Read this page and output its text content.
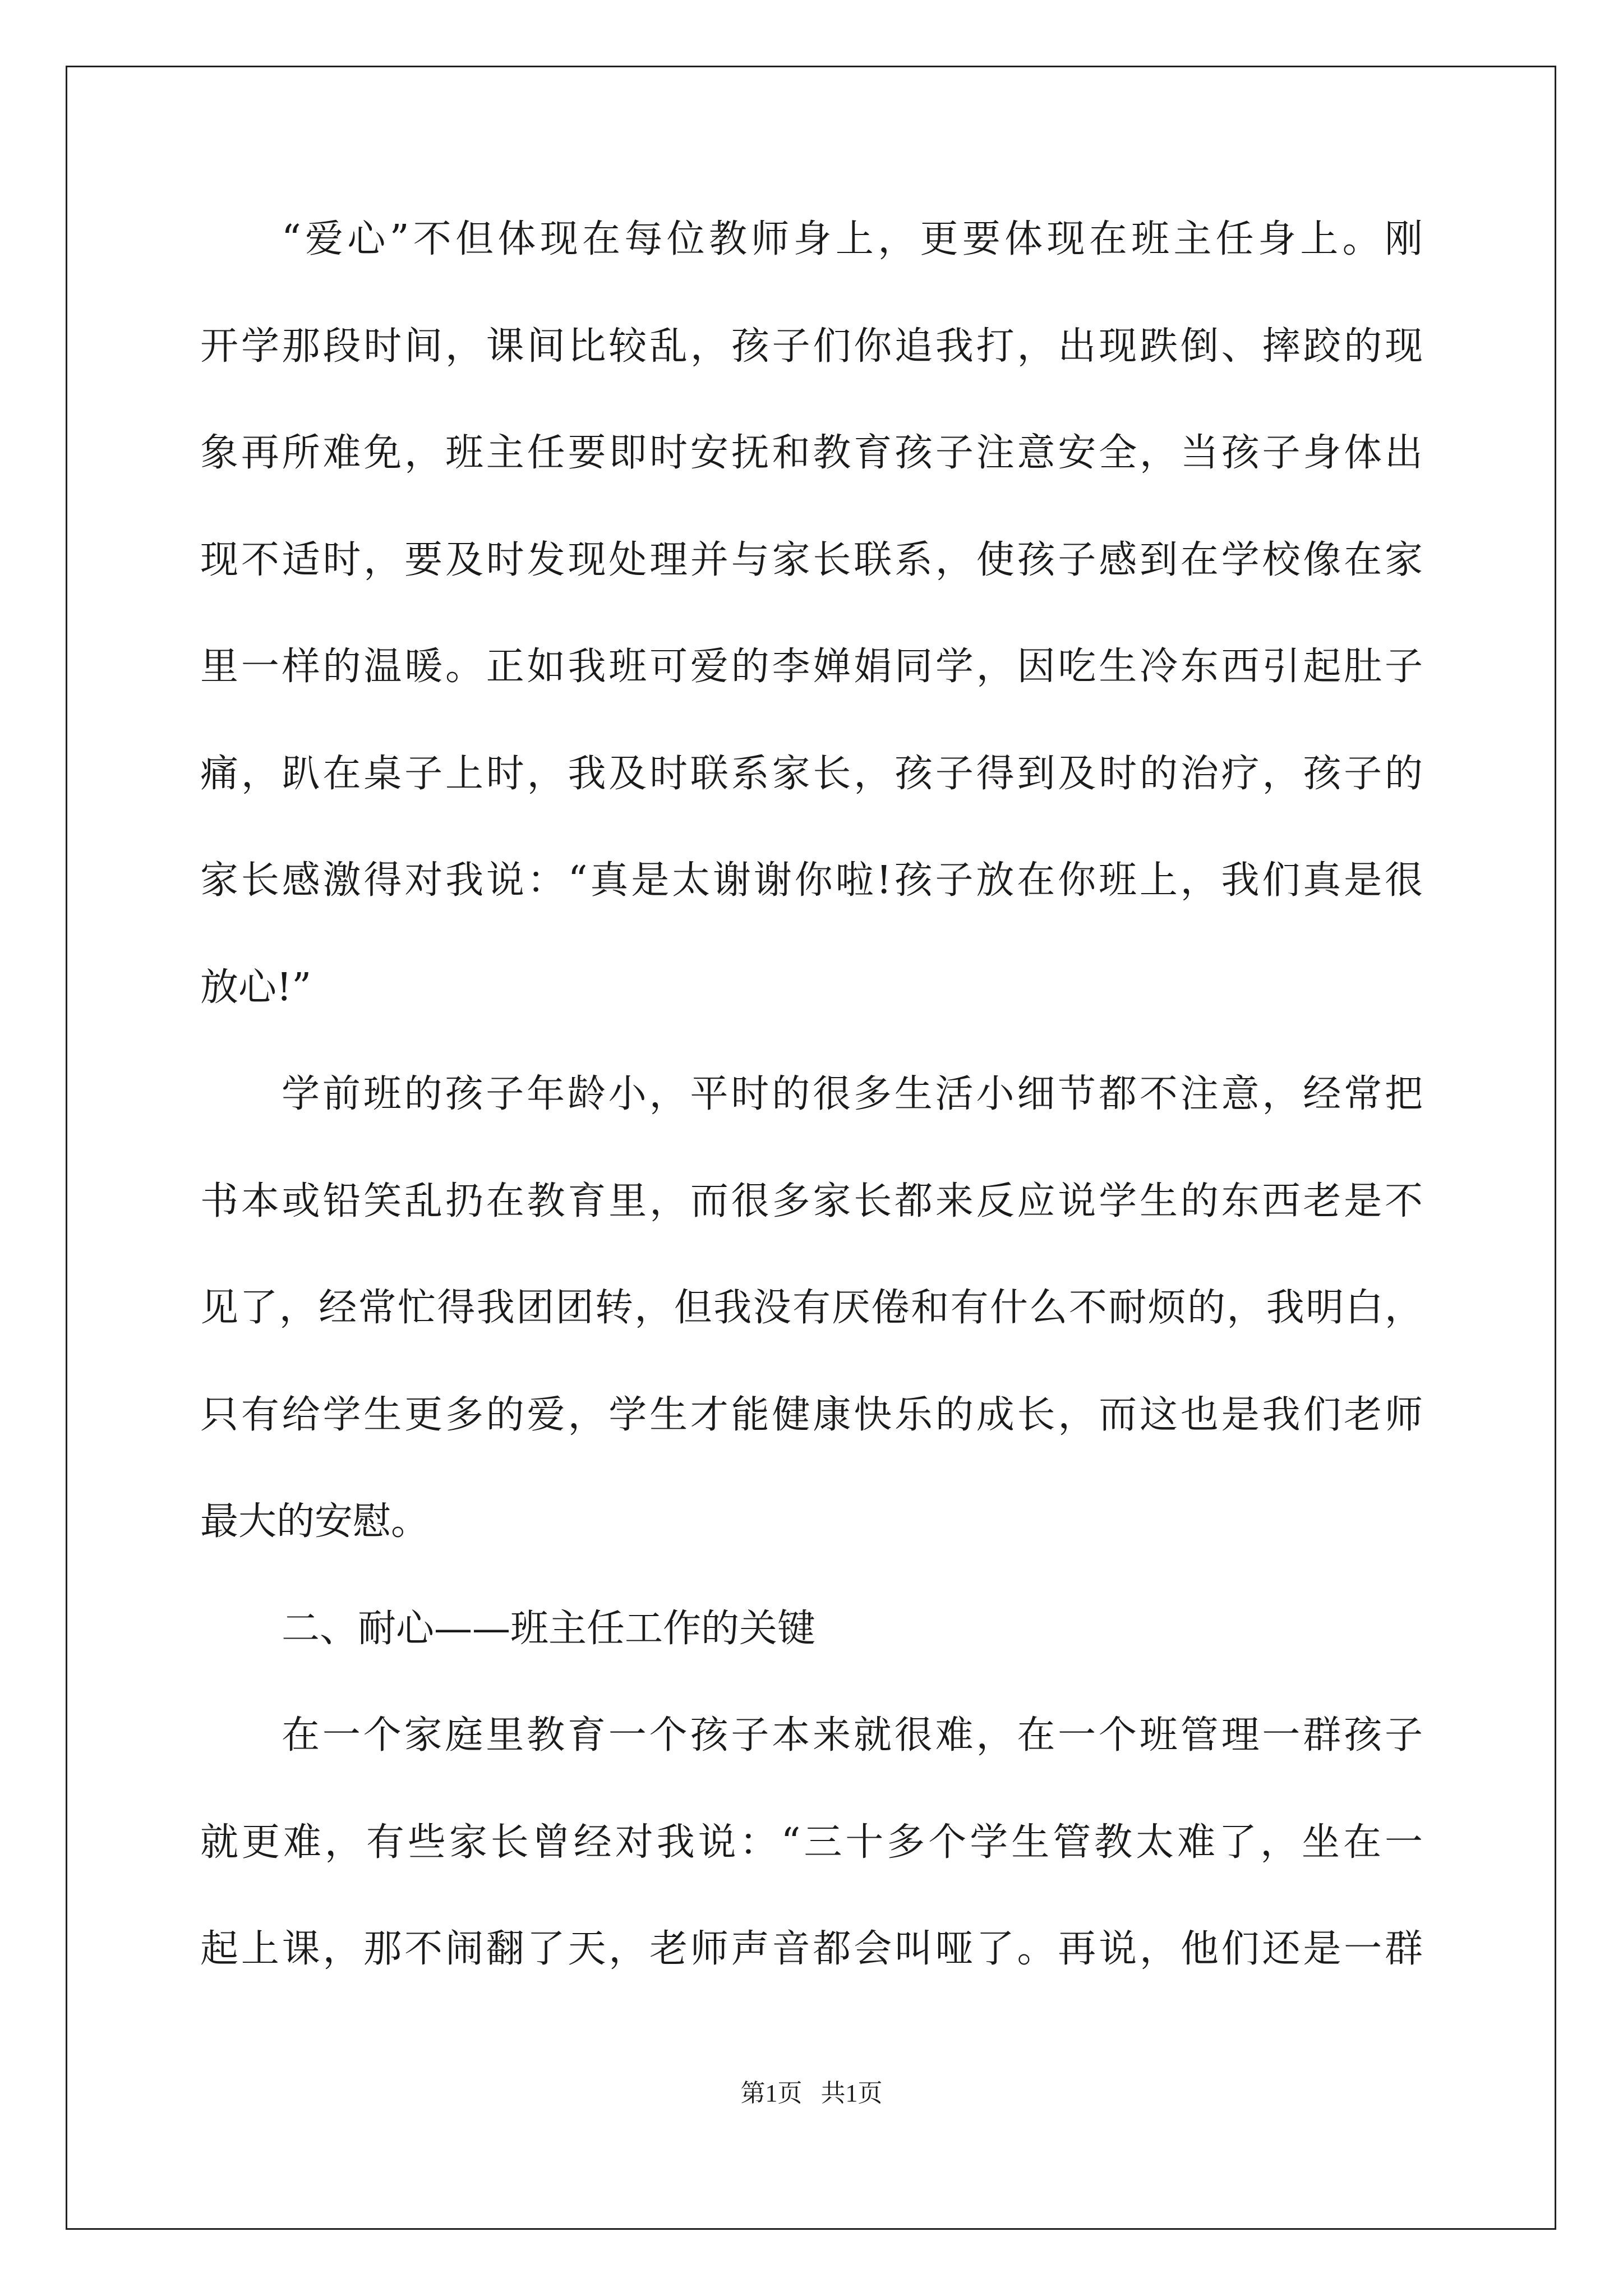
“爱心”不但体现在每位教师身上，更要体现在班主任身上。刚
开学那段时间，课间比较乱，孩子们你追我打，出现跌倒、摔跤的现
象再所难免，班主任要即时安抚和教育孩子注意安全，当孩子身体出
现不适时，要及时发现处理并与家长联系，使孩子感到在学校像在家
里一样的温暖。正如我班可爱的李婵娟同学，因吃生冷东西引起肚子
痛，趴在桌子上时，我及时联系家长，孩子得到及时的治疗，孩子的
家长感激得对我说：“真是太谢谢你啦!孩子放在你班上，我们真是很
放心!”
学前班的孩子年龄小，平时的很多生活小细节都不注意，经常把
书本或铅笑乱扔在教育里，而很多家长都来反应说学生的东西老是不
见了，经常忙得我团团转，但我没有厌倦和有什么不耐烦的，我明白，
只有给学生更多的爱，学生才能健康快乐的成长，而这也是我们老师
最大的安慰。
二、耐心——班主任工作的关键
在一个家庭里教育一个孩子本来就很难，在一个班管理一群孩子
就更难，有些家长曾经对我说：“三十多个学生管教太难了，坐在一
起上课，那不闹翻了天，老师声音都会叫哑了。再说，他们还是一群
第1页   共1页
